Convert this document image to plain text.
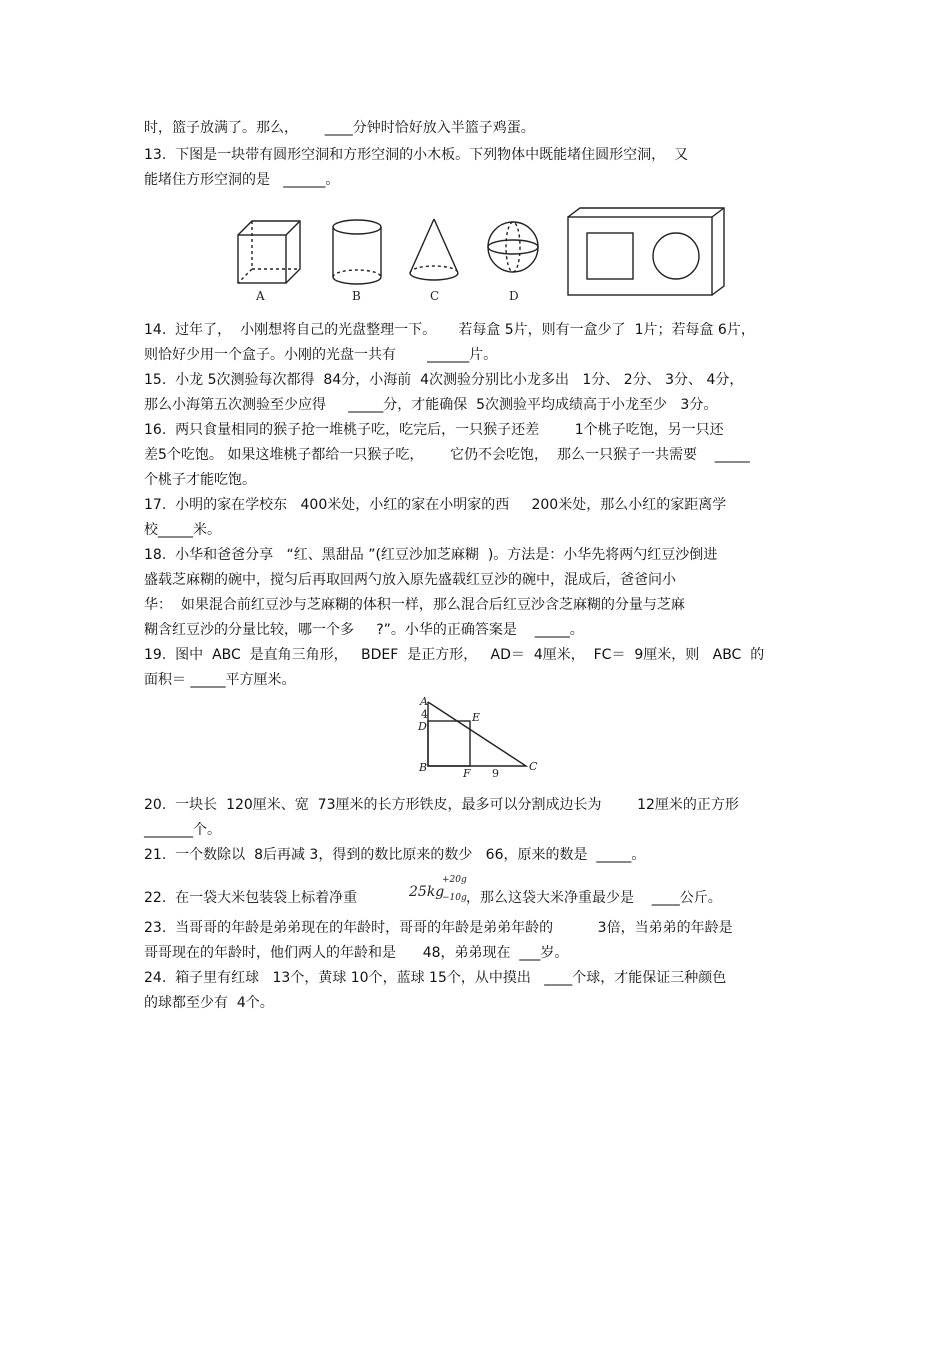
时，篮子放满了。那么，      ____分钟时恰好放入半篮子鸡蛋。
13.  下图是一块带有圆形空洞和方形空洞的小木板。下列物体中既能堵住圆形空洞，  又
能堵住方形空洞的是   ______。
A	B	C	D
14.  过年了，  小刚想将自己的光盘整理一下。     若每盒 5片，则有一盒少了  1片；若每盒 6片，
则恰好少用一个盒子。小刚的光盘一共有       ______片。
15.  小龙 5次测验每次都得  84分，小海前  4次测验分别比小龙多出   1分、 2分、 3分、 4分，
那么小海第五次测验至少应得     _____分，才能确保  5次测验平均成绩高于小龙至少   3分。
16.  两只食量相同的猴子抢一堆桃子吃，吃完后，一只猴子还差        1个桃子吃饱，另一只还
差5个吃饱。 如果这堆桃子都给一只猴子吃，      它仍不会吃饱，  那么一只猴子一共需要    _____
个桃子才能吃饱。
17.  小明的家在学校东   400米处，小红的家在小明家的西     200米处，那么小红的家距离学
校_____米。
18.  小华和爸爸分享   “红、黑甜品 ”(红豆沙加芝麻糊  )。方法是：小华先将两勺红豆沙倒进
盛载芝麻糊的碗中，搅匀后再取回两勺放入原先盛载红豆沙的碗中，混成后，爸爸问小
华：  如果混合前红豆沙与芝麻糊的体积一样，那么混合后红豆沙含芝麻糊的分量与芝麻
糊含红豆沙的分量比较，哪一个多     ?”。小华的正确答案是    _____。
19.  图中  ABC  是直角三角形，   BDEF  是正方形，   AD＝  4厘米，  FC＝  9厘米，则   ABC  的
面积＝ _____平方厘米。
A
4	E
D
B	F 9
C
20.  一块长  120厘米、宽  73厘米的长方形铁皮，最多可以分割成边长为        12厘米的正方形
_______个。
21.  一个数除以  8后再减 3，得到的数比原来的数少   66，原来的数是  _____。
22.  在一袋大米包装袋上标着净重	25kg
+20g
−10g ，那么这袋大米净重最少是    ____公斤。
23.  当哥哥的年龄是弟弟现在的年龄时，哥哥的年龄是弟弟年龄的          3倍，当弟弟的年龄是
哥哥现在的年龄时，他们两人的年龄和是      48，弟弟现在  ___岁。
24.  箱子里有红球   13个，黄球 10个，蓝球 15个，从中摸出   ____个球，才能保证三种颜色
的球都至少有  4个。
